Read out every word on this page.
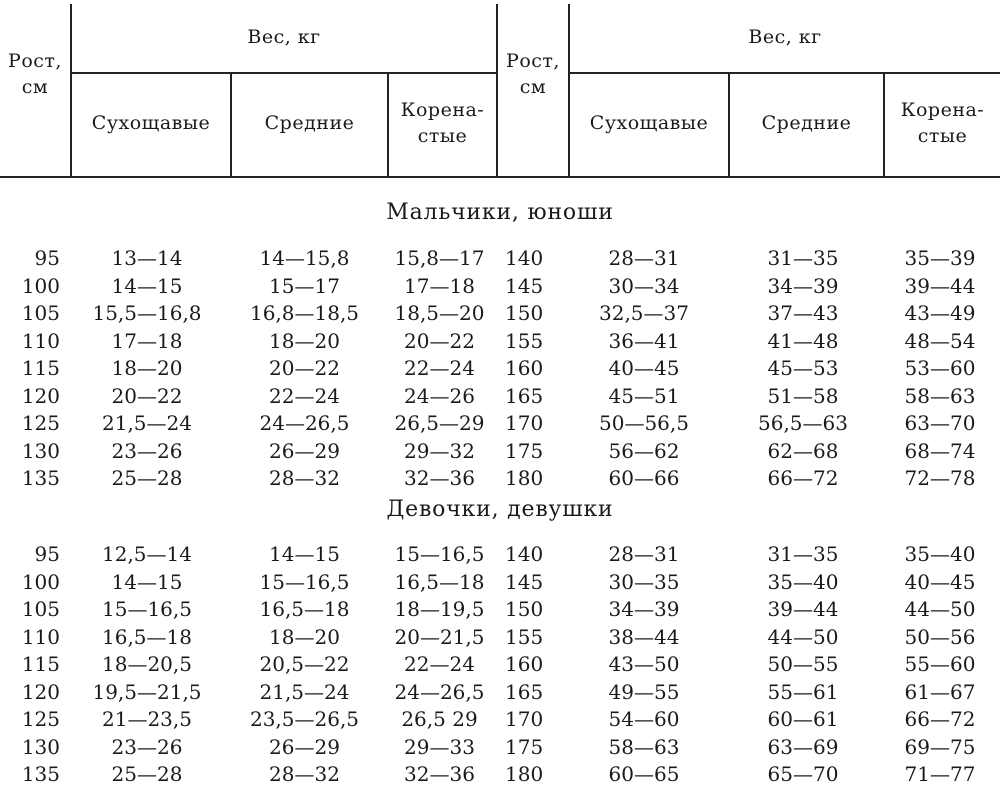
Рост,
см
Вес, кг
Сухощавые	Средние
Корена-
стые
Рост,
см
Вес, кг
Сухощавые	Средние
Корена-
стые
Мальчики, юноши
95	13—14	14—15,8	15,8—17	140	28—31	31—35	35—39
100	14—15	15—17	17—18	145	30—34	34—39	39—44
105	15,5—16,8	16,8—18,5	18,5—20	150	32,5—37	37—43	43—49
110	17—18	18—20	20—22	155	36—41	41—48	48—54
115	18—20	20—22	22—24	160	40—45	45—53	53—60
120	20—22	22—24	24—26	165	45—51	51—58	58—63
125	21,5—24	24—26,5	26,5—29	170	50—56,5	56,5—63	63—70
130	23—26	26—29	29—32	175	56—62	62—68	68—74
135	25—28	28—32	32—36	180	60—66	66—72	72—78
Девочки, девушки
95	12,5—14	14—15	15—16,5	140	28—31	31—35	35—40
100	14—15	15—16,5	16,5—18	145	30—35	35—40	40—45
105	15—16,5	16,5—18	18—19,5	150	34—39	39—44	44—50
110	16,5—18	18—20	20—21,5	155	38—44	44—50	50—56
115	18—20,5	20,5—22	22—24	160	43—50	50—55	55—60
120	19,5—21,5	21,5—24	24—26,5	165	49—55	55—61	61—67
125	21—23,5	23,5—26,5	26,5 29	170	54—60	60—61	66—72
130	23—26	26—29	29—33	175	58—63	63—69	69—75
135	25—28	28—32	32—36	180	60—65	65—70	71—77
